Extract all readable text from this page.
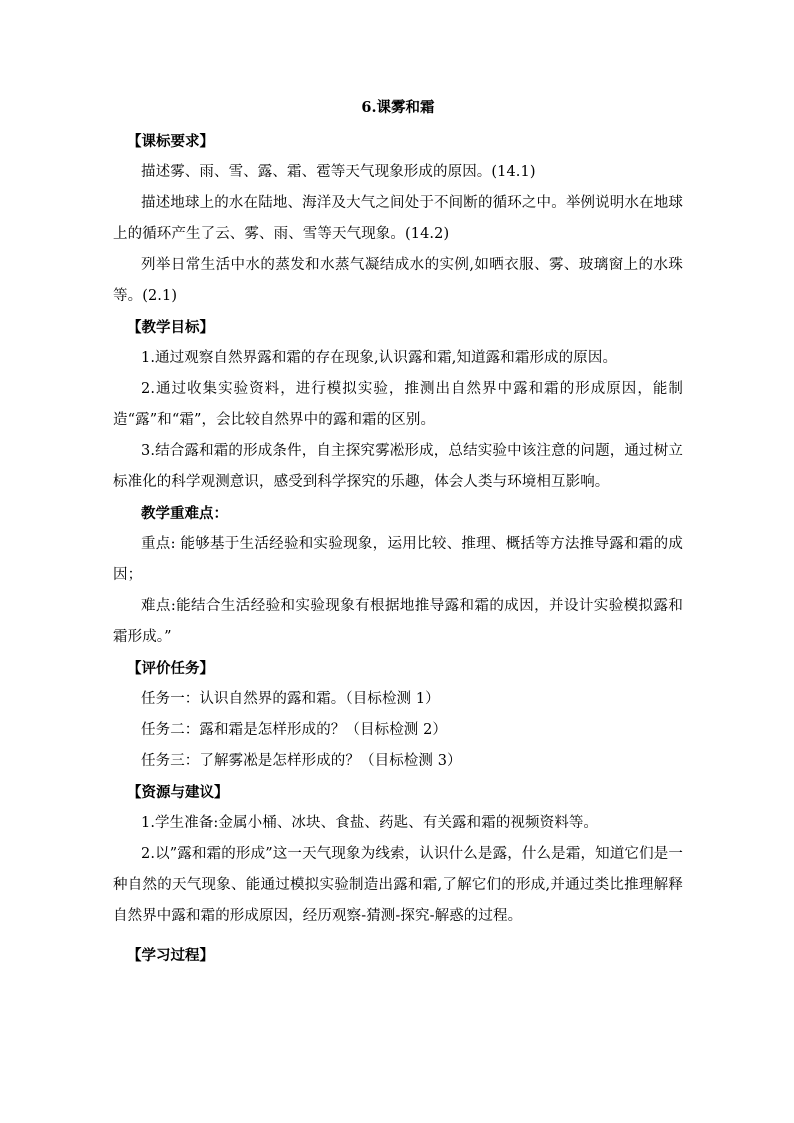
6.课雾和霜
【课标要求】

描述雾、雨、雪、露、霜、雹等天气现象形成的原因。(14.1)

描述地球上的水在陆地、海洋及大气之间处于不间断的循环之中。举例说明水在地球上的循环产生了云、雾、雨、雪等天气现象。(14.2)

列举日常生活中水的蒸发和水蒸气凝结成水的实例,如晒衣服、雾、玻璃窗上的水珠等。(2.1)

【教学目标】

1.通过观察自然界露和霜的存在现象,认识露和霜,知道露和霜形成的原因。

2.通过收集实验资料，进行模拟实验，推测出自然界中露和霜的形成原因，能制造“露”和“霜”，会比较自然界中的露和霜的区别。

3.结合露和霜的形成条件，自主探究雾凇形成，总结实验中该注意的问题，通过树立标准化的科学观测意识，感受到科学探究的乐趣，体会人类与环境相互影响。

教学重难点：

重点: 能够基于生活经验和实验现象，运用比较、推理、概括等方法推导露和霜的成因；

难点:能结合生活经验和实验现象有根据地推导露和霜的成因，并设计实验模拟露和霜形成。”

【评价任务】

任务一：认识自然界的露和霜。（目标检测 1）

任务二：露和霜是怎样形成的？（目标检测 2）

任务三：了解雾凇是怎样形成的？（目标检测 3）

【资源与建议】

1.学生准备:金属小桶、冰块、食盐、药匙、有关露和霜的视频资料等。

2.以”露和霜的形成”这一天气现象为线索，认识什么是露，什么是霜，知道它们是一种自然的天气现象、能通过模拟实验制造出露和霜,了解它们的形成,并通过类比推理解释自然界中露和霜的形成原因，经历观察-猜测-探究-解惑的过程。

【学习过程】
